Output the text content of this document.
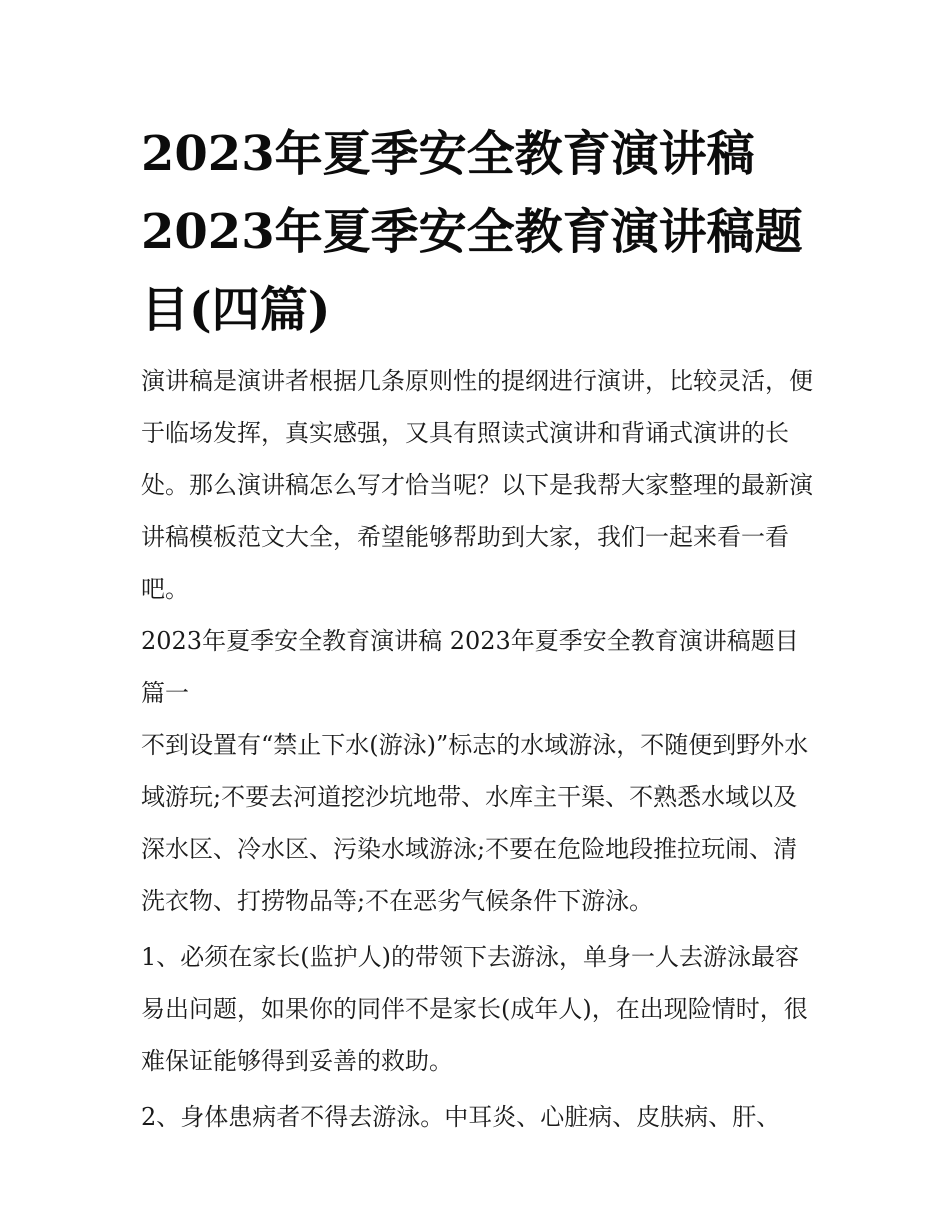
2023年夏季安全教育演讲稿 2023年夏季安全教育演讲稿题目(四篇)

演讲稿是演讲者根据几条原则性的提纲进行演讲，比较灵活，便于临场发挥，真实感强，又具有照读式演讲和背诵式演讲的长处。那么演讲稿怎么写才恰当呢？以下是我帮大家整理的最新演讲稿模板范文大全，希望能够帮助到大家，我们一起来看一看吧。

2023年夏季安全教育演讲稿 2023年夏季安全教育演讲稿题目篇一

不到设置有“禁止下水(游泳)”标志的水域游泳，不随便到野外水域游玩;不要去河道挖沙坑地带、水库主干渠、不熟悉水域以及深水区、冷水区、污染水域游泳;不要在危险地段推拉玩闹、清洗衣物、打捞物品等;不在恶劣气候条件下游泳。

1、必须在家长(监护人)的带领下去游泳，单身一人去游泳最容易出问题，如果你的同伴不是家长(成年人)，在出现险情时，很难保证能够得到妥善的救助。

2、身体患病者不得去游泳。中耳炎、心脏病、皮肤病、肝、
